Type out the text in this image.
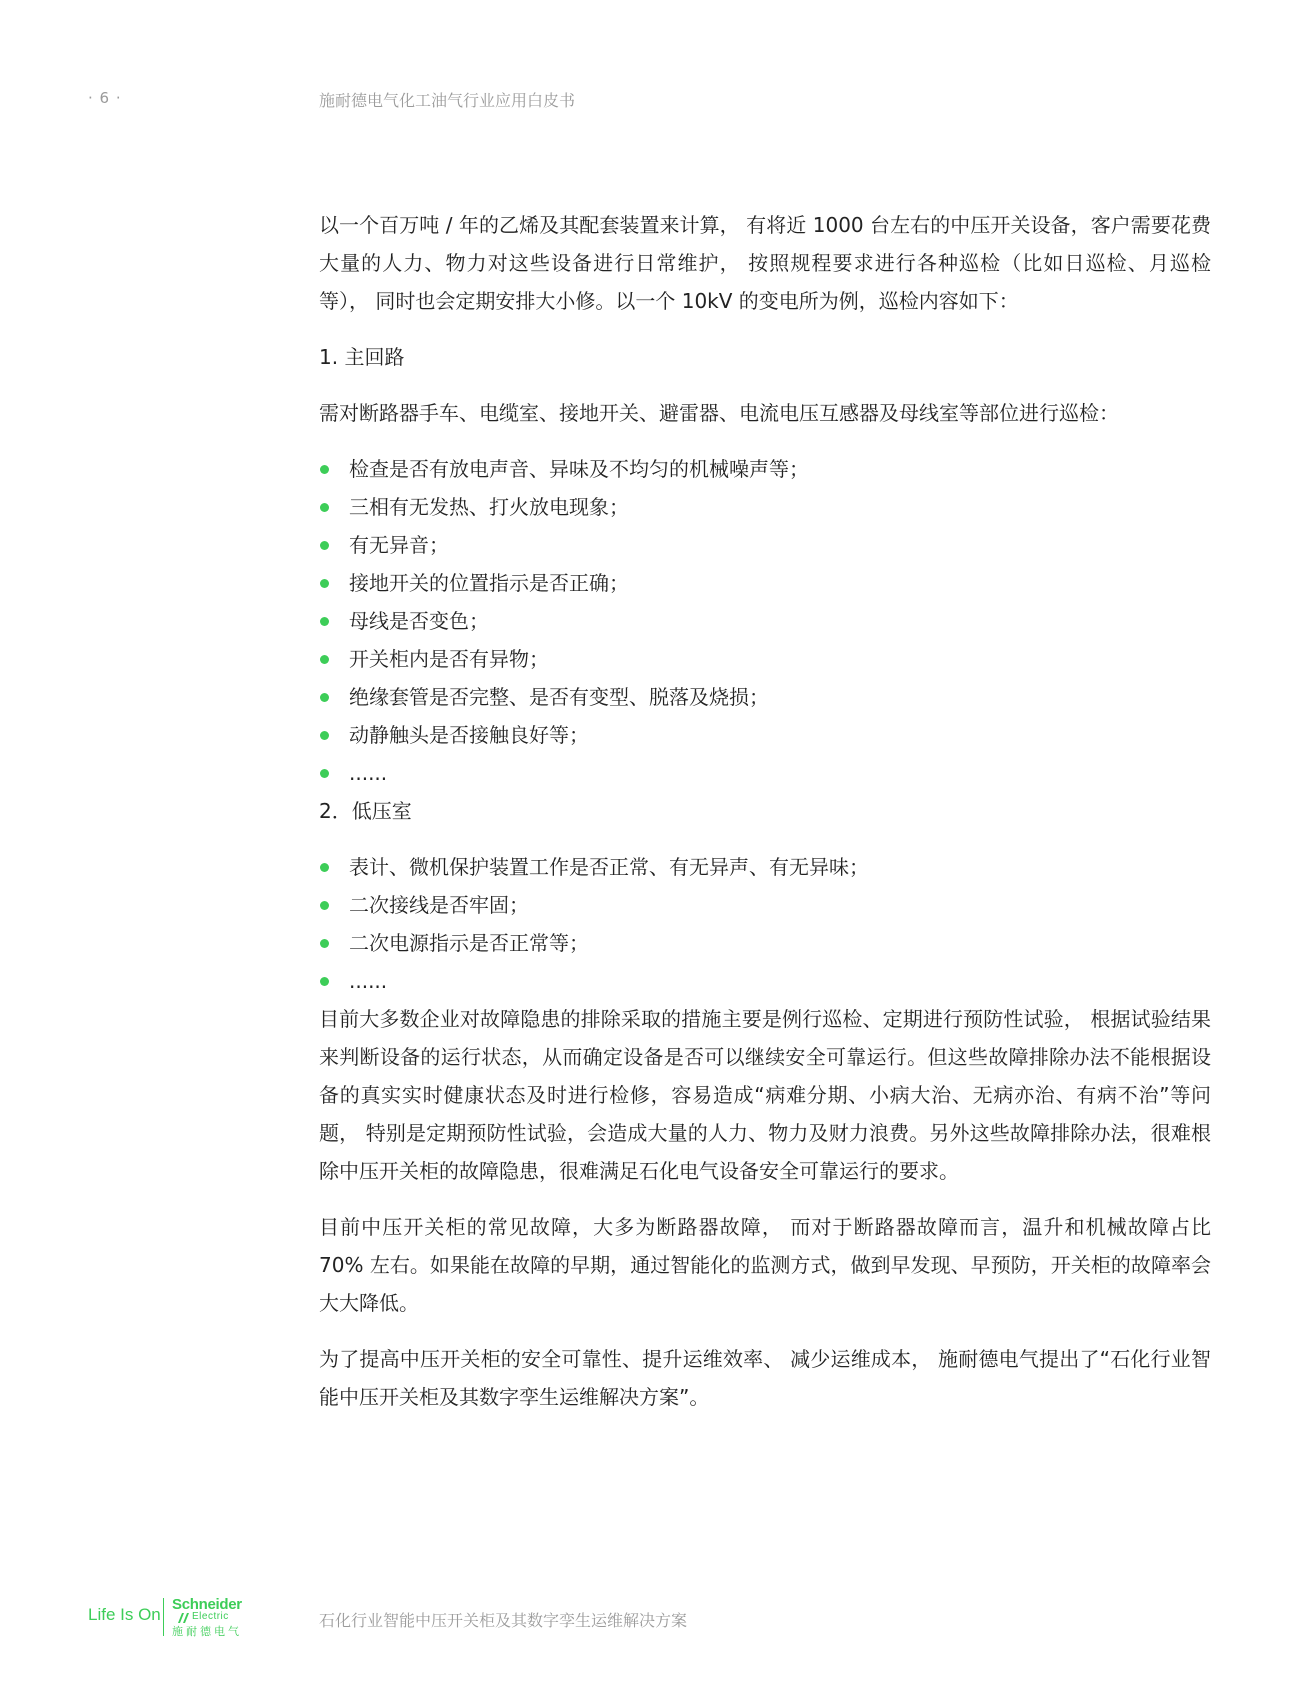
· 6 ·	施耐德电气化工油气行业应用白皮书

以一个百万吨 / 年的乙烯及其配套装置来计算， 有将近 1000 台左右的中压开关设备，客户需要花费大量的人力、物力对这些设备进行日常维护， 按照规程要求进行各种巡检（比如日巡检、月巡检等）， 同时也会定期安排大小修。以一个 10kV 的变电所为例，巡检内容如下：

1. 主回路

需对断路器手车、电缆室、接地开关、避雷器、电流电压互感器及母线室等部位进行巡检：

检查是否有放电声音、异味及不均匀的机械噪声等；
三相有无发热、打火放电现象；
有无异音；
接地开关的位置指示是否正确；
母线是否变色；
开关柜内是否有异物；
绝缘套管是否完整、是否有变型、脱落及烧损；
动静触头是否接触良好等；
......

2．低压室

表计、微机保护装置工作是否正常、有无异声、有无异味；
二次接线是否牢固；
二次电源指示是否正常等；
......

目前大多数企业对故障隐患的排除采取的措施主要是例行巡检、定期进行预防性试验， 根据试验结果来判断设备的运行状态，从而确定设备是否可以继续安全可靠运行。但这些故障排除办法不能根据设备的真实实时健康状态及时进行检修，容易造成“病难分期、小病大治、无病亦治、有病不治”等问题， 特别是定期预防性试验，会造成大量的人力、物力及财力浪费。另外这些故障排除办法，很难根除中压开关柜的故障隐患，很难满足石化电气设备安全可靠运行的要求。

目前中压开关柜的常见故障，大多为断路器故障， 而对于断路器故障而言，温升和机械故障占比 70% 左右。如果能在故障的早期，通过智能化的监测方式，做到早发现、早预防，开关柜的故障率会大大降低。

为了提高中压开关柜的安全可靠性、提升运维效率、 减少运维成本， 施耐德电气提出了“石化行业智能中压开关柜及其数字孪生运维解决方案”。

Life Is On
Schneider
Electric
施耐德电气
石化行业智能中压开关柜及其数字孪生运维解决方案
